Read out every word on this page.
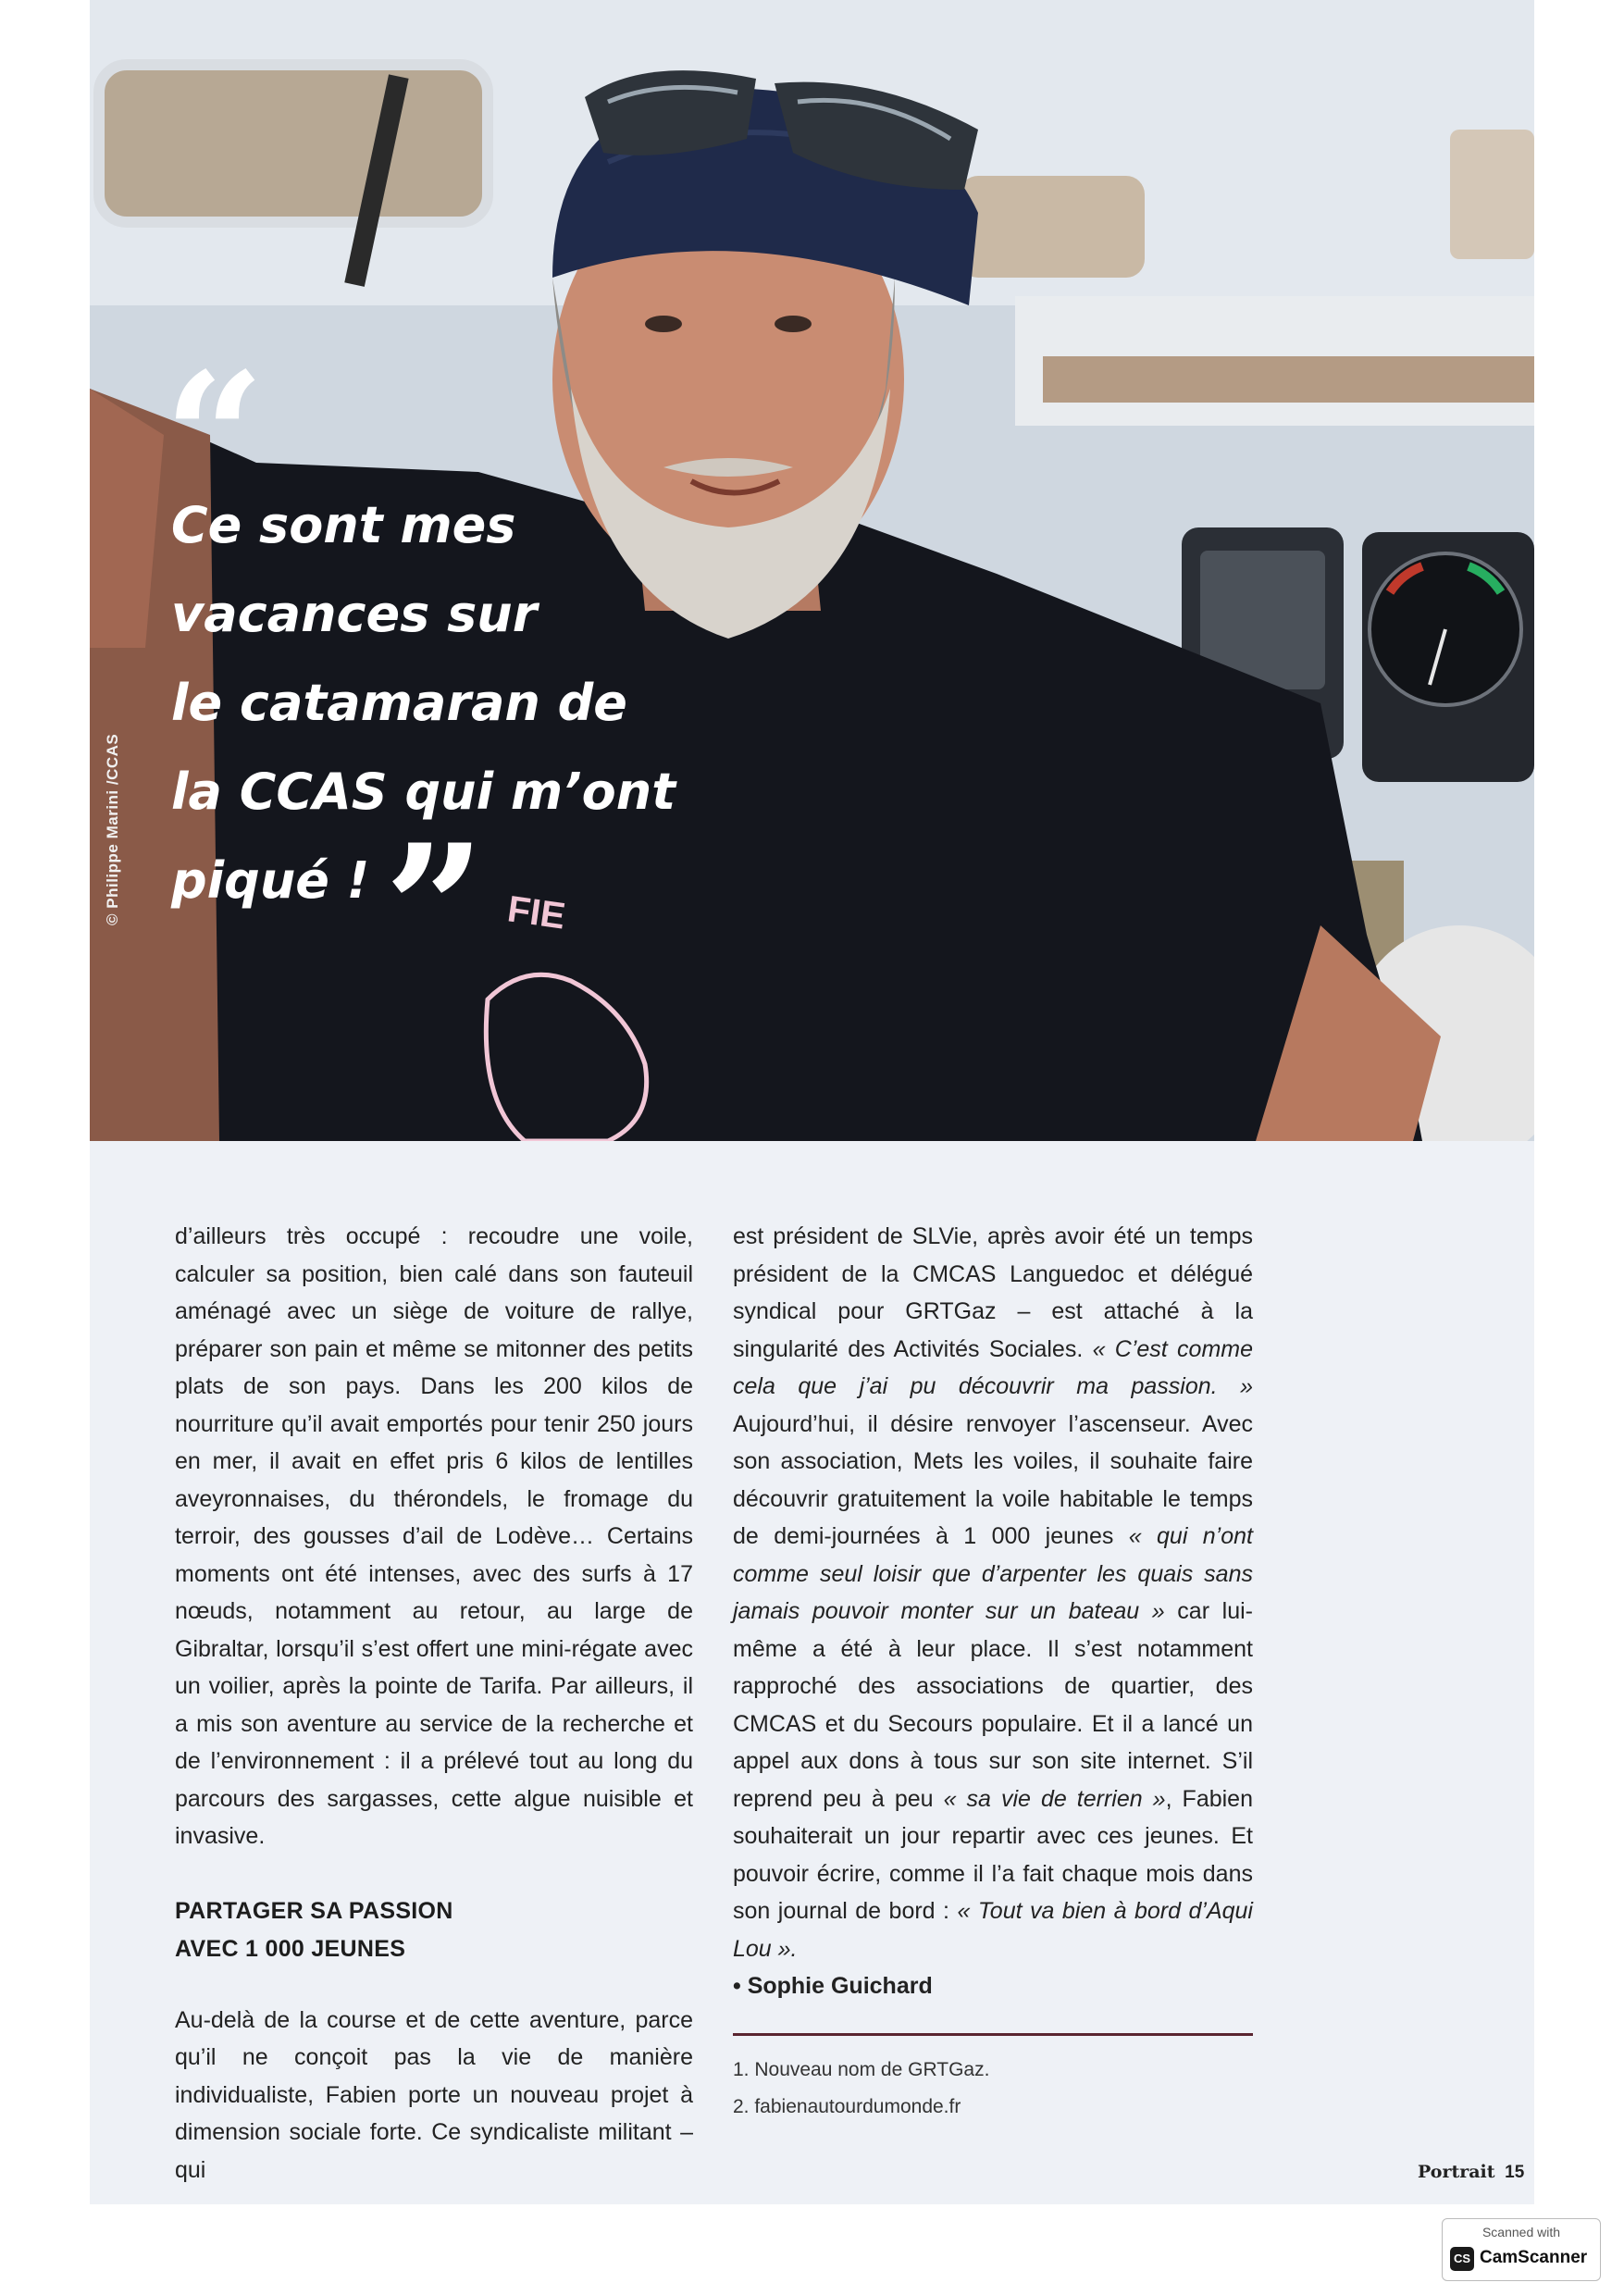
FIE
© Philippe Marini /CCAS
“
Ce sont mes
vacances sur
le catamaran de
la CCAS qui m’ont
piqué ! ”

d’ailleurs très occupé : recoudre une voile, calculer sa position, bien calé dans son fauteuil aménagé avec un siège de voiture de rallye, préparer son pain et même se mitonner des petits plats de son pays. Dans les 200 kilos de nourriture qu’il avait emportés pour tenir 250 jours en mer, il avait en effet pris 6 kilos de lentilles aveyronnaises, du thérondels, le fromage du terroir, des gousses d’ail de Lodève… Certains moments ont été intenses, avec des surfs à 17 nœuds, notamment au retour, au large de Gibraltar, lorsqu’il s’est offert une mini-régate avec un voilier, après la pointe de Tarifa. Par ailleurs, il a mis son aventure au service de la recherche et de l’environnement : il a prélevé tout au long du parcours des sargasses, cette algue nuisible et invasive.

PARTAGER SA PASSION
AVEC 1 000 JEUNES

Au-delà de la course et de cette aventure, parce qu’il ne conçoit pas la vie de manière individualiste, Fabien porte un nouveau projet à dimension sociale forte. Ce syndicaliste militant – qui

est président de SLVie, après avoir été un temps président de la CMCAS Languedoc et délégué syndical pour GRTGaz – est attaché à la singularité des Activités Sociales. « C’est comme cela que j’ai pu découvrir ma passion. » Aujourd’hui, il désire renvoyer l’ascenseur. Avec son association, Mets les voiles, il souhaite faire découvrir gratuitement la voile habitable le temps de demi-journées à 1 000 jeunes « qui n’ont comme seul loisir que d’arpenter les quais sans jamais pouvoir monter sur un bateau » car lui-même a été à leur place. Il s’est notamment rapproché des associations de quartier, des CMCAS et du Secours populaire. Et il a lancé un appel aux dons à tous sur son site internet. S’il reprend peu à peu « sa vie de terrien », Fabien souhaiterait un jour repartir avec ces jeunes. Et pouvoir écrire, comme il l’a fait chaque mois dans son journal de bord : « Tout va bien à bord d’Aqui Lou ».

• Sophie Guichard

1. Nouveau nom de GRTGaz.
2. fabienautourdumonde.fr
Portrait 15
Scanned with
CS CamScanner
